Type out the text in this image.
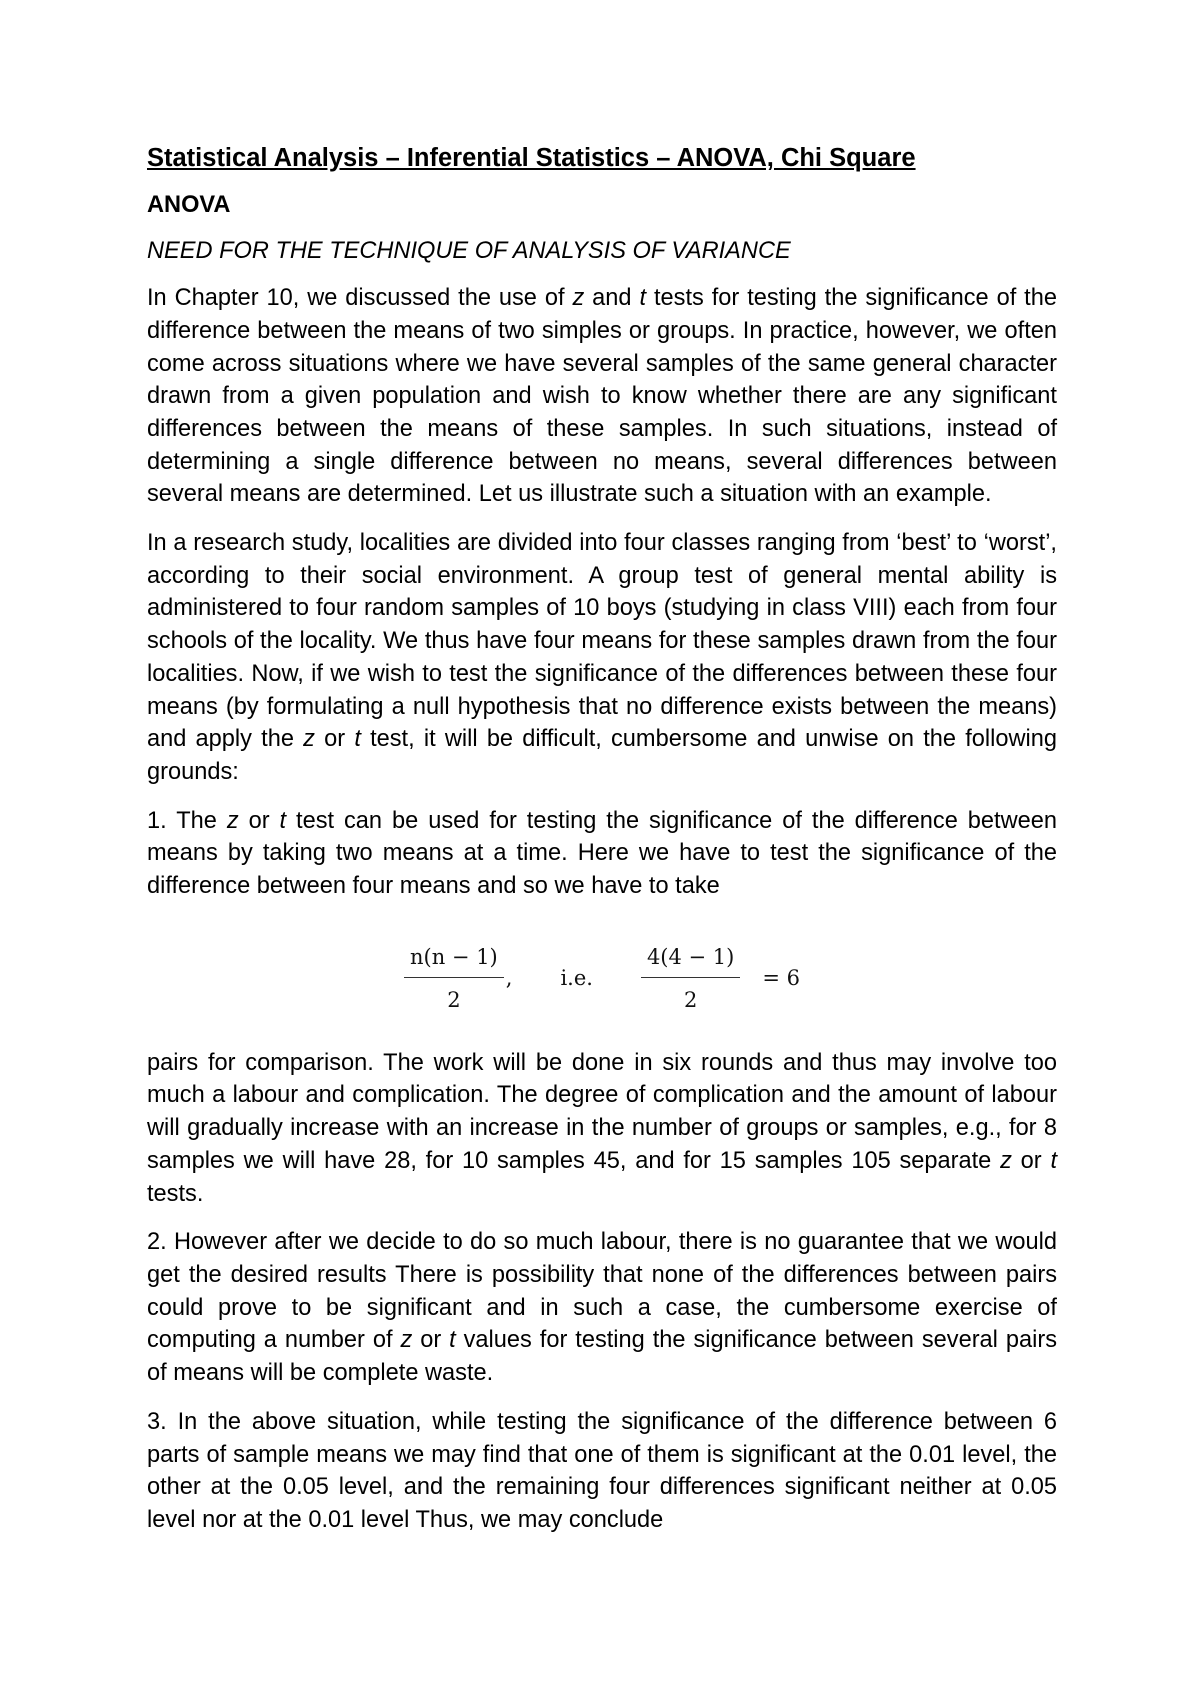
Statistical Analysis – Inferential Statistics – ANOVA, Chi Square
ANOVA
NEED FOR THE TECHNIQUE OF ANALYSIS OF VARIANCE

In Chapter 10, we discussed the use of z and t tests for testing the significance of the difference between the means of two simples or groups. In practice, however, we often come across situations where we have several samples of the same general character drawn from a given population and wish to know whether there are any significant differences between the means of these samples. In such situations, instead of determining a single difference between no means, several differences between several means are determined. Let us illustrate such a situation with an example.

In a research study, localities are divided into four classes ranging from ‘best’ to ‘worst’, according to their social environment. A group test of general mental ability is administered to four random samples of 10 boys (studying in class VIII) each from four schools of the locality. We thus have four means for these samples drawn from the four localities. Now, if we wish to test the significance of the differences between these four means (by formulating a null hypothesis that no difference exists between the means) and apply the z or t test, it will be difficult, cumbersome and unwise on the following grounds:

1. The z or t test can be used for testing the significance of the difference between means by taking two means at a time. Here we have to test the significance of the difference between four means and so we have to take

$\frac{n(n - 1)}{2}$ , i.e. $\frac{4(4 - 1)}{2} = 6$

pairs for comparison. The work will be done in six rounds and thus may involve too much a labour and complication. The degree of complication and the amount of labour will gradually increase with an increase in the number of groups or samples, e.g., for 8 samples we will have 28, for 10 samples 45, and for 15 samples 105 separate z or t tests.

2. However after we decide to do so much labour, there is no guarantee that we would get the desired results There is possibility that none of the differences between pairs could prove to be significant and in such a case, the cumbersome exercise of computing a number of z or t values for testing the significance between several pairs of means will be complete waste.

3. In the above situation, while testing the significance of the difference between 6 parts of sample means we may find that one of them is significant at the 0.01 level, the other at the 0.05 level, and the remaining four differences significant neither at 0.05 level nor at the 0.01 level Thus, we may conclude
